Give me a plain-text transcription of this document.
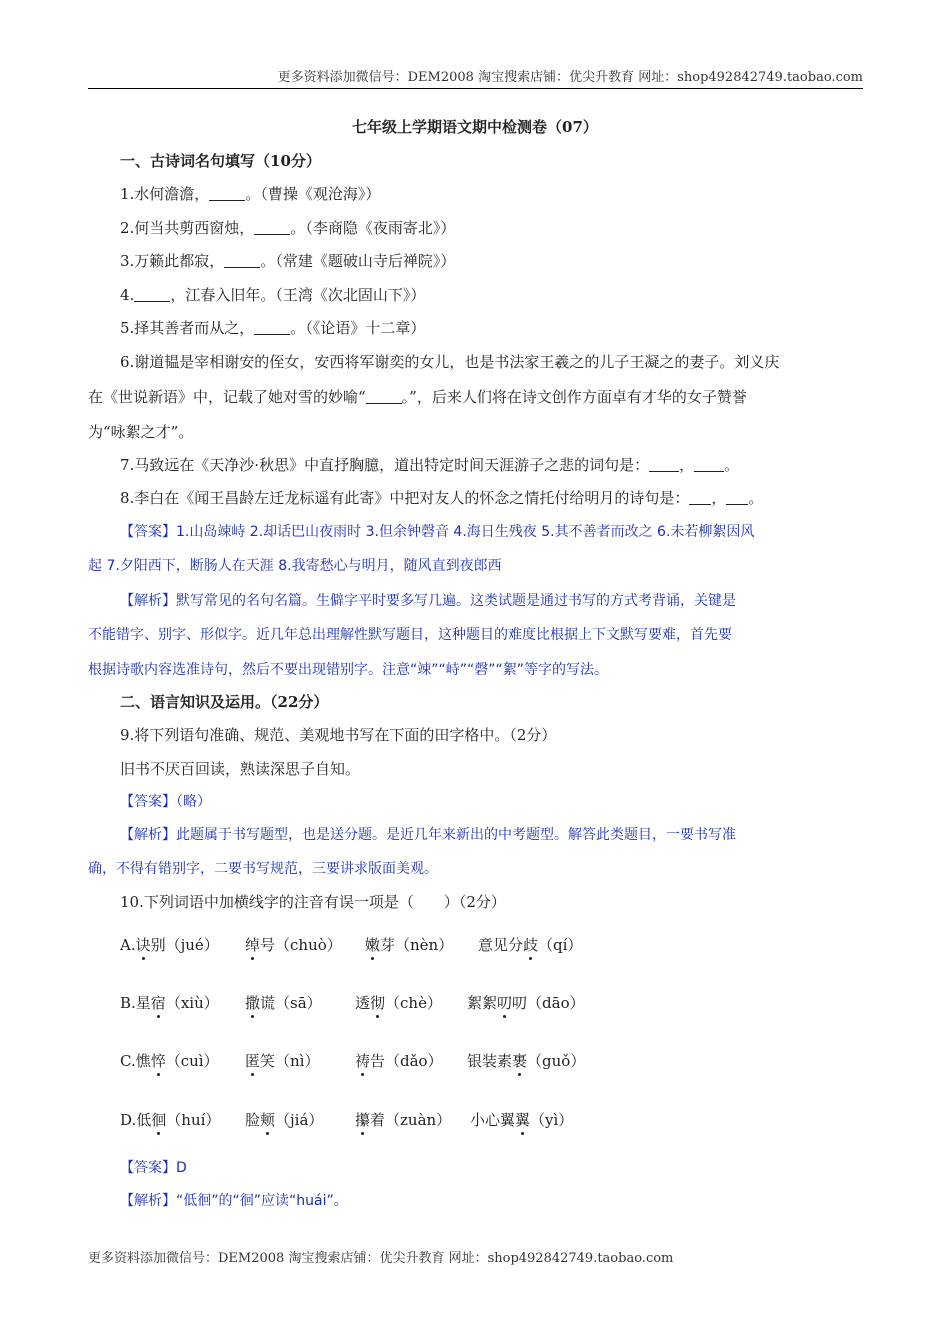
更多资料添加微信号：DEM2008 淘宝搜索店铺：优尖升教育 网址：shop492842749.taobao.com
七年级上学期语文期中检测卷（07）
一、古诗词名句填写（10分）
1.水何澹澹， 。（曹操《观沧海》）
2.何当共剪西窗烛， 。（李商隐《夜雨寄北》）
3.万籁此都寂， 。（常建《题破山寺后禅院》）
4. ，江春入旧年。（王湾《次北固山下》）
5.择其善者而从之， 。（《论语》十二章）
6.谢道韫是宰相谢安的侄女，安西将军谢奕的女儿，也是书法家王羲之的儿子王凝之的妻子。刘义庆
在《世说新语》中，记载了她对雪的妙喻“ 。”，后来人们将在诗文创作方面卓有才华的女子赞誉
为“咏絮之才”。
7.马致远在《天净沙·秋思》中直抒胸臆，道出特定时间天涯游子之悲的词句是： ， 。
8.李白在《闻王昌龄左迁龙标遥有此寄》中把对友人的怀念之情托付给明月的诗句是： ， 。
【答案】1.山岛竦峙 2.却话巴山夜雨时 3.但余钟磬音 4.海日生残夜 5.其不善者而改之 6.未若柳絮因风
起 7.夕阳西下，断肠人在天涯 8.我寄愁心与明月，随风直到夜郎西
【解析】默写常见的名句名篇。生僻字平时要多写几遍。这类试题是通过书写的方式考背诵，关键是
不能错字、别字、形似字。近几年总出理解性默写题目，这种题目的难度比根据上下文默写要难，首先要
根据诗歌内容选准诗句，然后不要出现错别字。注意“竦”“峙”“磬”“絮”等字的写法。
二、语言知识及运用。（22分）
9.将下列语句准确、规范、美观地书写在下面的田字格中。（2分）
旧书不厌百回读，熟读深思子自知。
【答案】（略）
【解析】此题属于书写题型，也是送分题。是近几年来新出的中考题型。解答此类题目，一要书写准
确，不得有错别字，二要书写规范，三要讲求版面美观。
10.下列词语中加横线字的注音有误一项是（　　）（2分）
A.诀别（jué） 绰号（chuò） 嫩芽（nèn） 意见分歧（qí）
B.星宿（xiù） 撒谎（sā） 透彻（chè） 絮絮叨叨（dāo）
C.憔悴（cuì） 匿笑（nì） 祷告（dǎo） 银装素裹（guǒ）
D.低徊（huí） 脸颊（jiá） 攥着（zuàn） 小心翼翼（yì）
【答案】D
【解析】“低徊”的“徊”应读“huái”。
更多资料添加微信号：DEM2008 淘宝搜索店铺：优尖升教育 网址：shop492842749.taobao.com
